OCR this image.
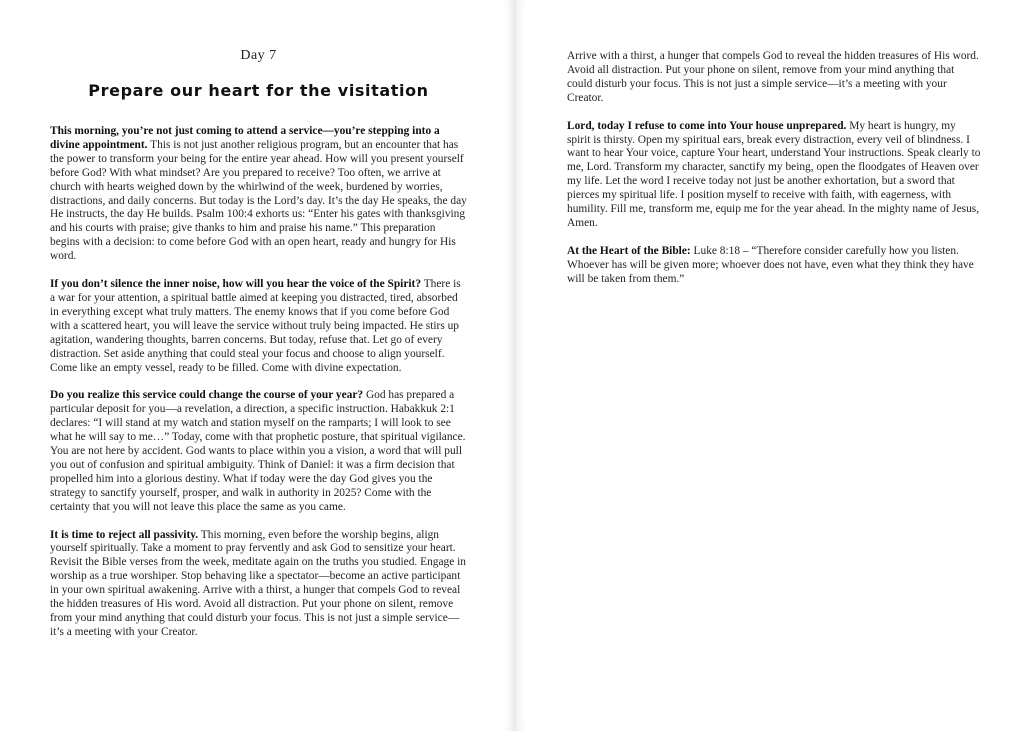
Day 7
Prepare our heart for the visitation

This morning, you’re not just coming to attend a service—you’re stepping into a divine appointment. This is not just another religious program, but an encounter that has the power to transform your being for the entire year ahead. How will you present yourself before God? With what mindset? Are you prepared to receive? Too often, we arrive at church with hearts weighed down by the whirlwind of the week, burdened by worries, distractions, and daily concerns. But today is the Lord’s day. It’s the day He speaks, the day He instructs, the day He builds. Psalm 100:4 exhorts us: “Enter his gates with thanksgiving and his courts with praise; give thanks to him and praise his name.” This preparation begins with a decision: to come before God with an open heart, ready and hungry for His word.

If you don’t silence the inner noise, how will you hear the voice of the Spirit? There is a war for your attention, a spiritual battle aimed at keeping you distracted, tired, absorbed in everything except what truly matters. The enemy knows that if you come before God with a scattered heart, you will leave the service without truly being impacted. He stirs up agitation, wandering thoughts, barren concerns. But today, refuse that. Let go of every distraction. Set aside anything that could steal your focus and choose to align yourself. Come like an empty vessel, ready to be filled. Come with divine expectation.

Do you realize this service could change the course of your year? God has prepared a particular deposit for you—a revelation, a direction, a specific instruction. Habakkuk 2:1 declares: “I will stand at my watch and station myself on the ramparts; I will look to see what he will say to me…” Today, come with that prophetic posture, that spiritual vigilance. You are not here by accident. God wants to place within you a vision, a word that will pull you out of confusion and spiritual ambiguity. Think of Daniel: it was a firm decision that propelled him into a glorious destiny. What if today were the day God gives you the strategy to sanctify yourself, prosper, and walk in authority in 2025? Come with the certainty that you will not leave this place the same as you came.

It is time to reject all passivity. This morning, even before the worship begins, align yourself spiritually. Take a moment to pray fervently and ask God to sensitize your heart. Revisit the Bible verses from the week, meditate again on the truths you studied. Engage in worship as a true worshiper. Stop behaving like a spectator—become an active participant in your own spiritual awakening. Arrive with a thirst, a hunger that compels God to reveal the hidden treasures of His word. Avoid all distraction. Put your phone on silent, remove from your mind anything that could disturb your focus. This is not just a simple service—it’s a meeting with your Creator.

Arrive with a thirst, a hunger that compels God to reveal the hidden treasures of His word. Avoid all distraction. Put your phone on silent, remove from your mind anything that could disturb your focus. This is not just a simple service—it’s a meeting with your Creator.

Lord, today I refuse to come into Your house unprepared. My heart is hungry, my spirit is thirsty. Open my spiritual ears, break every distraction, every veil of blindness. I want to hear Your voice, capture Your heart, understand Your instructions. Speak clearly to me, Lord. Transform my character, sanctify my being, open the floodgates of Heaven over my life. Let the word I receive today not just be another exhortation, but a sword that pierces my spiritual life. I position myself to receive with faith, with eagerness, with humility. Fill me, transform me, equip me for the year ahead. In the mighty name of Jesus, Amen.

At the Heart of the Bible: Luke 8:18 – “Therefore consider carefully how you listen. Whoever has will be given more; whoever does not have, even what they think they have will be taken from them.”
